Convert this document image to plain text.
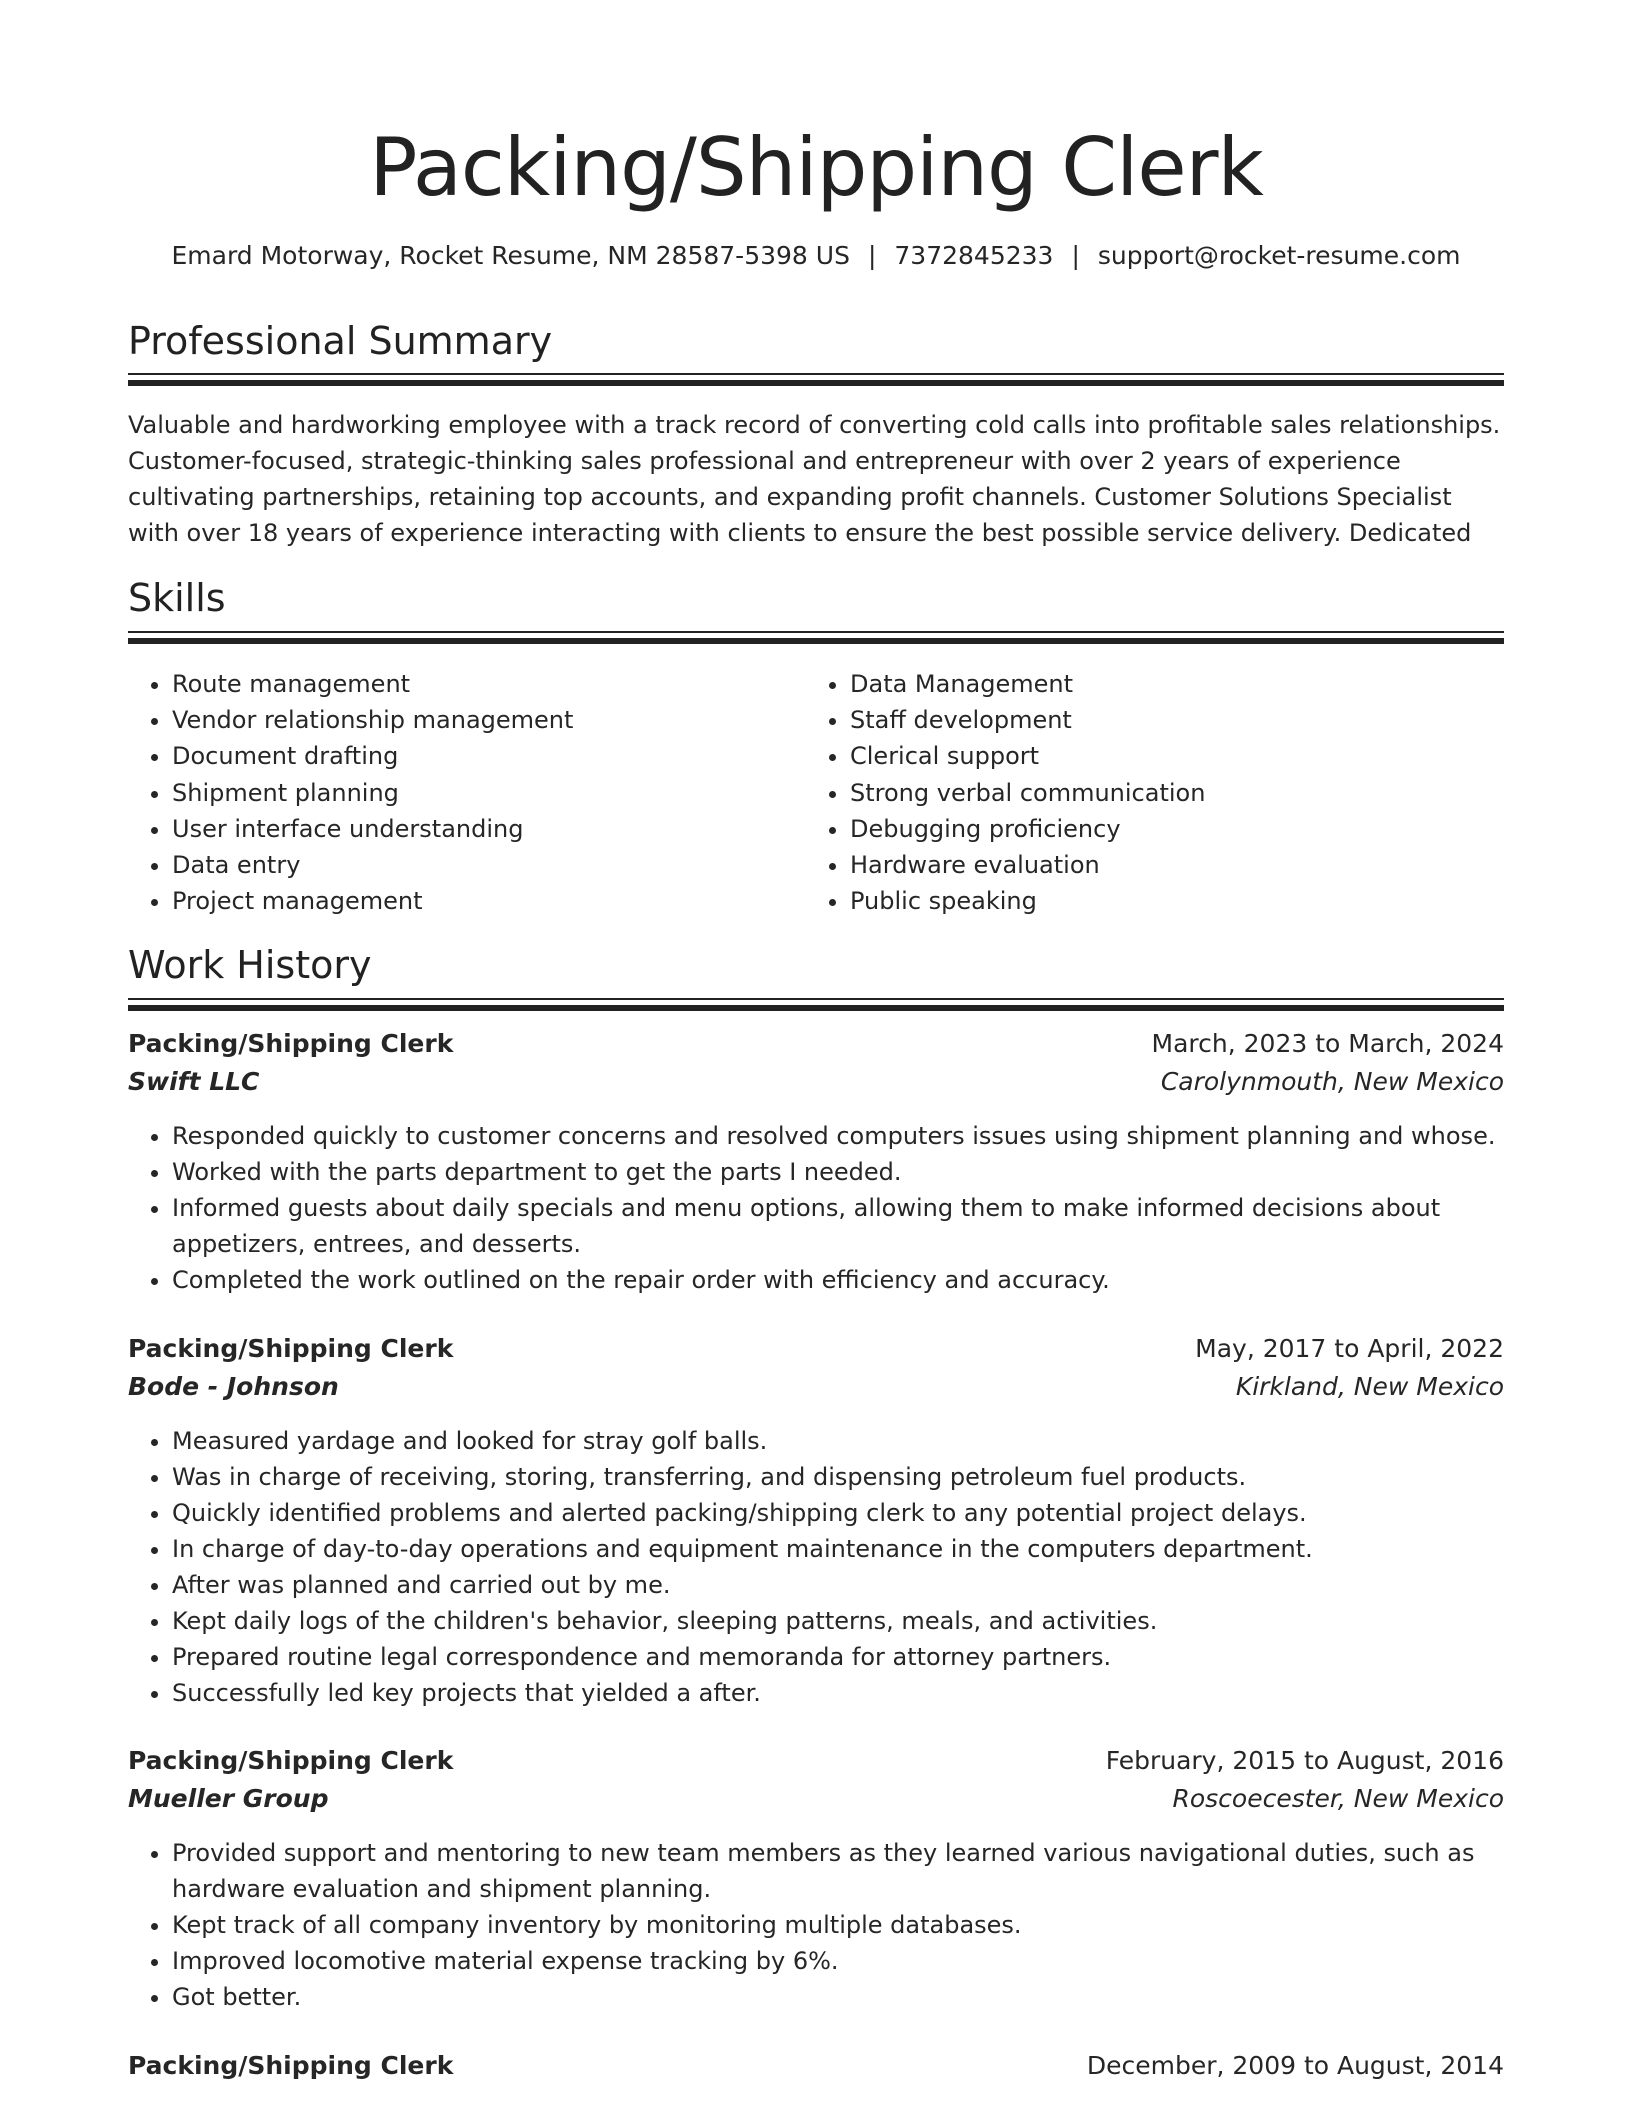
Packing/Shipping Clerk
Emard Motorway, Rocket Resume, NM 28587-5398 US | 7372845233 | support@rocket-resume.com
Professional Summary

Valuable and hardworking employee with a track record of converting cold calls into profitable sales relationships. Customer-focused, strategic-thinking sales professional and entrepreneur with over 2 years of experience cultivating partnerships, retaining top accounts, and expanding profit channels. Customer Solutions Specialist with over 18 years of experience interacting with clients to ensure the best possible service delivery. Dedicated

Skills
• Route management
• Vendor relationship management
• Document drafting
• Shipment planning
• User interface understanding
• Data entry
• Project management
• Data Management
• Staff development
• Clerical support
• Strong verbal communication
• Debugging proficiency
• Hardware evaluation
• Public speaking
Work History
Packing/Shipping Clerk	March, 2023 to March, 2024
Swift LLC	Carolynmouth, New Mexico
• Responded quickly to customer concerns and resolved computers issues using shipment planning and whose.
• Worked with the parts department to get the parts I needed.
• Informed guests about daily specials and menu options, allowing them to make informed decisions about appetizers, entrees, and desserts.
• Completed the work outlined on the repair order with efficiency and accuracy.
Packing/Shipping Clerk	May, 2017 to April, 2022
Bode - Johnson	Kirkland, New Mexico
• Measured yardage and looked for stray golf balls.
• Was in charge of receiving, storing, transferring, and dispensing petroleum fuel products.
• Quickly identified problems and alerted packing/shipping clerk to any potential project delays.
• In charge of day-to-day operations and equipment maintenance in the computers department.
• After was planned and carried out by me.
• Kept daily logs of the children's behavior, sleeping patterns, meals, and activities.
• Prepared routine legal correspondence and memoranda for attorney partners.
• Successfully led key projects that yielded a after.
Packing/Shipping Clerk	February, 2015 to August, 2016
Mueller Group	Roscoecester, New Mexico
• Provided support and mentoring to new team members as they learned various navigational duties, such as hardware evaluation and shipment planning.
• Kept track of all company inventory by monitoring multiple databases.
• Improved locomotive material expense tracking by 6%.
• Got better.
Packing/Shipping Clerk	December, 2009 to August, 2014
